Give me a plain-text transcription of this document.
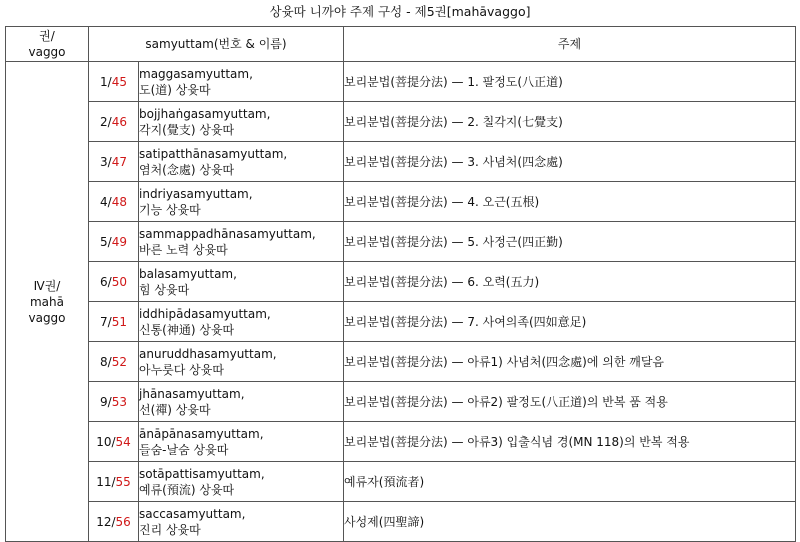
상윳따 니까야 주제 구성 - 제5권[mahāvaggo]
권/
vaggo	samyuttam(번호 & 이름)		주제

Ⅳ권/
mahā
vaggo	1/45	maggasamyuttam,
도(道) 상윳따	보리분법(菩提分法) — 1. 팔정도(八正道)
	2/46	bojjhaṅgasamyuttam,
각지(覺支) 상윳따	보리분법(菩提分法) — 2. 칠각지(七覺支)
	3/47	satipatthānasamyuttam,
염처(念處) 상윳따	보리분법(菩提分法) — 3. 사념처(四念處)
	4/48	indriyasamyuttam,
기능 상윳따	보리분법(菩提分法) — 4. 오근(五根)
	5/49	sammappadhānasamyuttam,
바른 노력 상윳따	보리분법(菩提分法) — 5. 사정근(四正勤)
	6/50	balasamyuttam,
힘 상윳따	보리분법(菩提分法) — 6. 오력(五力)
	7/51	iddhipādasamyuttam,
신통(神通) 상윳따	보리분법(菩提分法) — 7. 사여의족(四如意足)
	8/52	anuruddhasamyuttam,
아누룻다 상윳따	보리분법(菩提分法) — 아류1) 사념처(四念處)에 의한 깨달음
	9/53	jhānasamyuttam,
선(禪) 상윳따	보리분법(菩提分法) — 아류2) 팔정도(八正道)의 반복 품 적용
	10/54	ānāpānasamyuttam,
들숨-날숨 상윳따	보리분법(菩提分法) — 아류3) 입출식념 경(MN 118)의 반복 적용
	11/55	sotāpattisamyuttam,
예류(預流) 상윳따	예류자(預流者)
	12/56	saccasamyuttam,
진리 상윳따	사성제(四聖諦)
